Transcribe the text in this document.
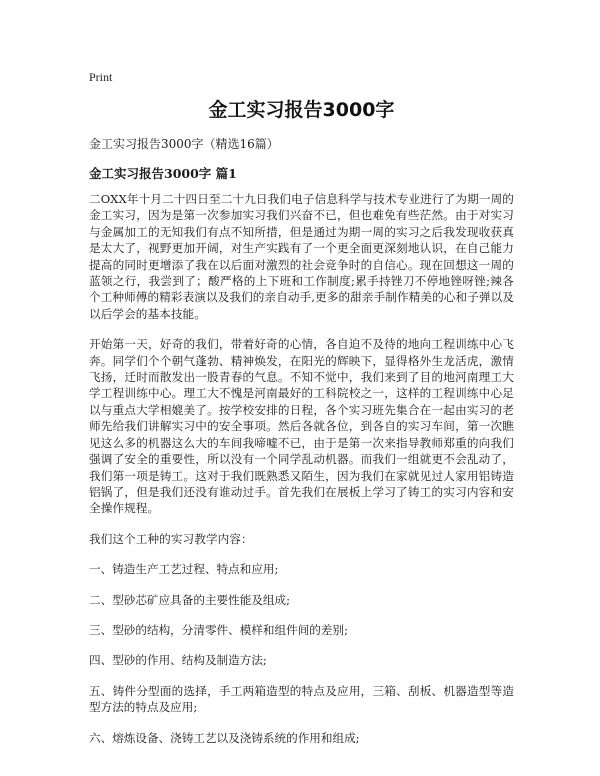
Print
金工实习报告3000字
金工实习报告3000字（精选16篇）
金工实习报告3000字 篇1

二OXX年十月二十四日至二十九日我们电子信息科学与技术专业进行了为期一周的金工实习，因为是第一次参加实习我们兴奋不已，但也难免有些茫然。由于对实习与金属加工的无知我们有点不知所措，但是通过为期一周的实习之后我发现收获真是太大了，视野更加开阔，对生产实践有了一个更全面更深刻地认识，在自己能力提高的同时更增添了我在以后面对激烈的社会竞争时的自信心。现在回想这一周的蓝领之行，我尝到了；酸严格的上下班和工作制度;累手持锉刀不停地锉呀锉;辣各个工种师傅的精彩表演以及我们的亲自动手,更多的甜亲手制作精美的心和子弹以及以后学会的基本技能。

开始第一天，好奇的我们，带着好奇的心情，各自迫不及待的地向工程训练中心飞奔。同学们个个朝气蓬勃、精神焕发，在阳光的辉映下，显得格外生龙活虎，激情飞扬，迁时而散发出一股青春的气息。不知不觉中，我们来到了目的地河南理工大学工程训练中心。理工大不愧是河南最好的工科院校之一，这样的工程训练中心足以与重点大学相媲美了。按学校安排的日程，各个实习班先集合在一起由实习的老师先给我们讲解实习中的安全事项。然后各就各位，到各自的实习车间，第一次瞧见这么多的机器这么大的车间我啼嘘不已，由于是第一次来指导教师郑重的向我们强调了安全的重要性，所以没有一个同学乱动机器。而我们一组就更不会乱动了，我们第一项是铸工。这对于我们既熟悉又陌生，因为我们在家就见过人家用铝铸造铝锅了，但是我们还没有谁动过手。首先我们在展板上学习了铸工的实习内容和安全操作规程。

我们这个工种的实习教学内容：

一、铸造生产工艺过程、特点和应用;

二、型砂芯矿应具备的主要性能及组成;

三、型砂的结构，分清零件、模样和组件间的差别;

四、型砂的作用、结构及制造方法;

五、铸件分型面的选择，手工两箱造型的特点及应用，三箱、刮板、机器造型等造型方法的特点及应用;

六、熔炼设备、浇铸工艺以及浇铸系统的作用和组成;
